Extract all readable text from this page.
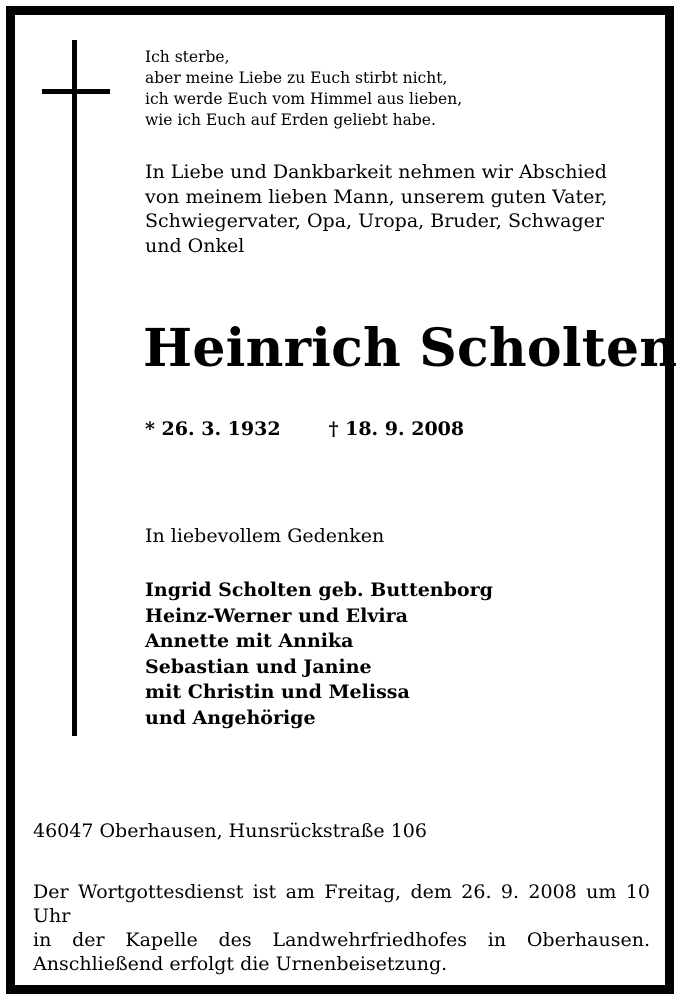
Ich sterbe,
aber meine Liebe zu Euch stirbt nicht,
ich werde Euch vom Himmel aus lieben,
wie ich Euch auf Erden geliebt habe.
In Liebe und Dankbarkeit nehmen wir Abschied
von meinem lieben Mann, unserem guten Vater,
Schwiegervater, Opa, Uropa, Bruder, Schwager
und Onkel
Heinrich Scholten
* 26. 3. 1932	† 18. 9. 2008
In liebevollem Gedenken
Ingrid Scholten geb. Buttenborg
Heinz-Werner und Elvira
Annette mit Annika
Sebastian und Janine
mit Christin und Melissa
und Angehörige
46047 Oberhausen, Hunsrückstraße 106
Der Wortgottesdienst ist am Freitag, dem 26. 9. 2008 um 10 Uhr
in der Kapelle des Landwehrfriedhofes in Oberhausen.
Anschließend erfolgt die Urnenbeisetzung.
